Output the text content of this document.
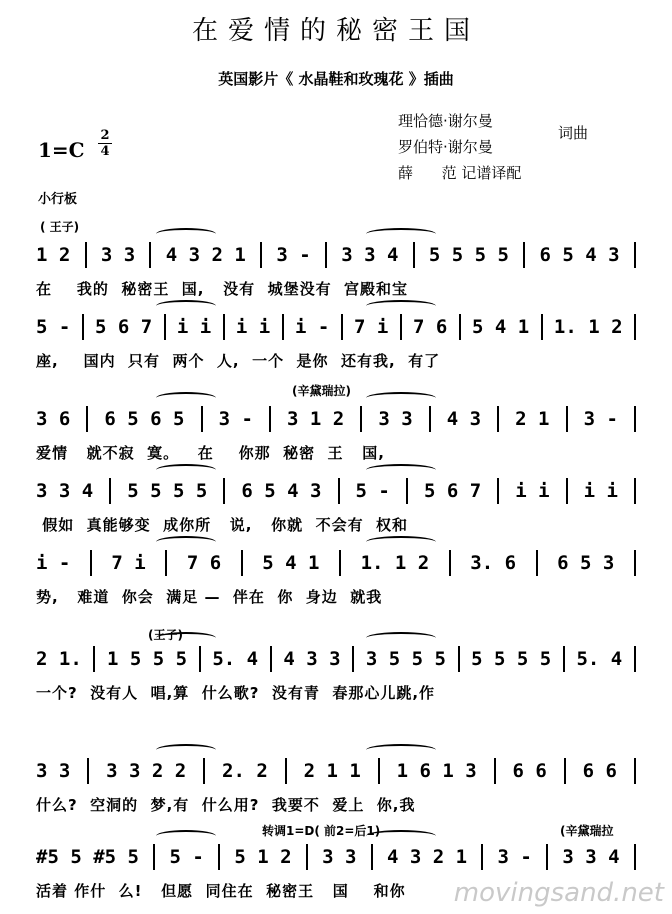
在爱情的秘密王国
英国影片《 水晶鞋和玫瑰花 》插曲
1=C
2
4
理恰德·谢尔曼
罗伯特·谢尔曼
词曲
薛      范 记谱译配
小行板
( 王子)
(辛黛瑞拉)
(王子)
转调1=D( 前2=后1)	(辛黛瑞拉
1 2 3 3 4 3 2 1 3 - 3 3 4 5 5 5 5 6 5 4 3
在    我的  秘密王  国,   没有  城堡没有  宫殿和宝
5 - 5 6 7 i i i i i - 7 i 7 6 5 4 1 1. 1 2
座,    国内  只有  两个  人,  一个  是你  还有我,  有了
3 6 6 5 6 5 3 - 3 1 2 3 3 4 3 2 1 3 -
爱情   就不寂  寞。   在    你那  秘密  王   国,
3 3 4 5 5 5 5 6 5 4 3 5 - 5 6 7 i i i i
假如  真能够变  成你所   说,   你就  不会有  权和
i - 7 i 7 6 5 4 1 1. 1 2 3. 6 6 5 3
势,   难道  你会  满足 —  伴在  你  身边  就我
2 1. 1 5 5 5 5. 4 4 3 3 3 5 5 5 5 5 5 5 5. 4
一个?  没有人  唱,算  什么歌?  没有青  春那心儿跳,作
3 3 3 3 2 2 2. 2 2 1 1 1 6 1 3 6 6 6 6
什么?  空洞的  梦,有  什么用?  我要不  爱上  你,我
#5 5 #5 5 5 - 5 1 2 3 3 4 3 2 1 3 - 3 3 4
活着 作什  么!   但愿  同住在  秘密王   国    和你	movingsand.net
